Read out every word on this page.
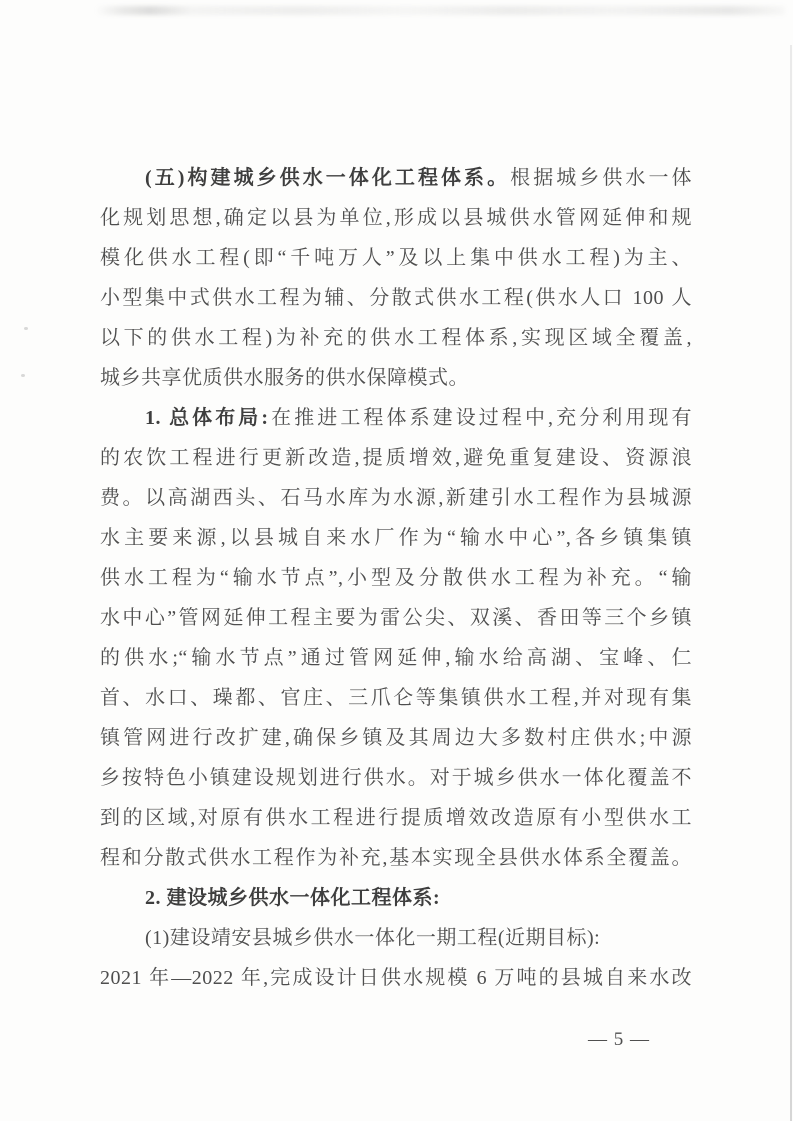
(五)构建城乡供水一体化工程体系。根据城乡供水一体
化规划思想,确定以县为单位,形成以县城供水管网延伸和规
模化供水工程(即“千吨万人”及以上集中供水工程)为主、
小型集中式供水工程为辅、分散式供水工程(供水人口 100 人
以下的供水工程)为补充的供水工程体系,实现区域全覆盖,
城乡共享优质供水服务的供水保障模式。
1. 总体布局:在推进工程体系建设过程中,充分利用现有
的农饮工程进行更新改造,提质增效,避免重复建设、资源浪
费。以高湖西头、石马水库为水源,新建引水工程作为县城源
水主要来源,以县城自来水厂作为“输水中心”,各乡镇集镇
供水工程为“输水节点”,小型及分散供水工程为补充。“输
水中心”管网延伸工程主要为雷公尖、双溪、香田等三个乡镇
的供水;“输水节点”通过管网延伸,输水给高湖、宝峰、仁
首、水口、璪都、官庄、三爪仑等集镇供水工程,并对现有集
镇管网进行改扩建,确保乡镇及其周边大多数村庄供水;中源
乡按特色小镇建设规划进行供水。对于城乡供水一体化覆盖不
到的区域,对原有供水工程进行提质增效改造原有小型供水工
程和分散式供水工程作为补充,基本实现全县供水体系全覆盖。
2. 建设城乡供水一体化工程体系:
(1)建设靖安县城乡供水一体化一期工程(近期目标):
2021 年—2022 年,完成设计日供水规模 6 万吨的县城自来水改
— 5 —
